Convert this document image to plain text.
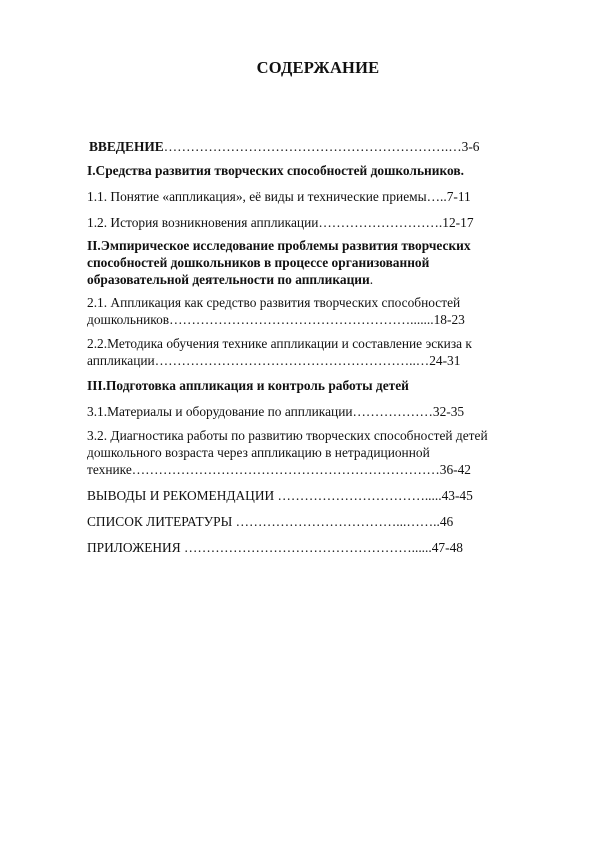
СОДЕРЖАНИЕ
ВВЕДЕНИЕ……………………………………………………….…3-6
I.Средства развития творческих способностей дошкольников.
1.1. Понятие «аппликация», её виды и технические приемы…..7-11
1.2. История возникновения аппликации……………………….12-17
II.Эмпирическое исследование проблемы развития творческих
способностей дошкольников в процессе организованной
образовательной деятельности по аппликации.
2.1. Аппликация как средство развития творческих способностей
дошкольников……………………………………………….......18-23
2.2.Методика обучения технике аппликации и составление эскиза к
аппликации…………………………………………………..…24-31
III.Подготовка аппликация и контроль работы детей
3.1.Материалы и оборудование по аппликации………………32-35
3.2. Диагностика работы по развитию творческих способностей детей
дошкольного возраста через аппликацию в нетрадиционной
технике……………………………………………………………36-42
ВЫВОДЫ И РЕКОМЕНДАЦИИ …………………………….....43-45
СПИСОК ЛИТЕРАТУРЫ ………………………………...……..46
ПРИЛОЖЕНИЯ ……………………………………………......47-48
